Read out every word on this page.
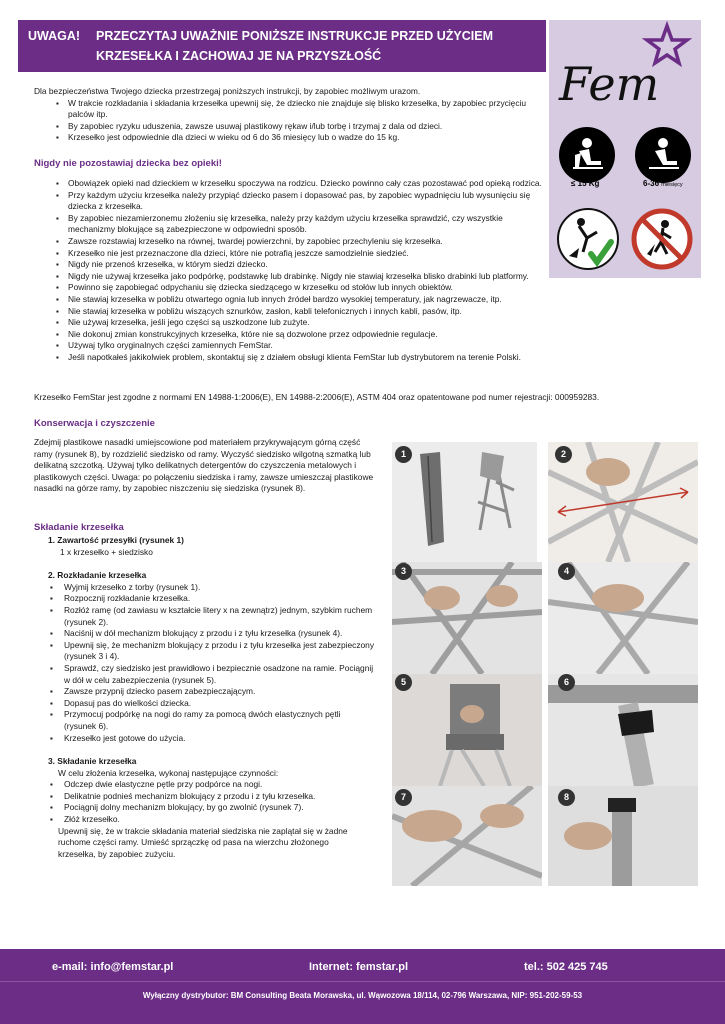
UWAGA! PRZECZYTAJ UWAŻNIE PONIŻSZE INSTRUKCJE PRZED UŻYCIEM
KRZESEŁKA I ZACHOWAJ JE NA PRZYSZŁOŚĆ
Fem
≤ 15 Kg	6-36 miesięcy
Dla bezpieczeństwa Twojego dziecka przestrzegaj poniższych instrukcji, by zapobiec możliwym urazom.
▪ W trakcie rozkładania i składania krzesełka upewnij się, że dziecko nie znajduje się blisko krzesełka, by zapobiec przycięciu palców itp.
▪ By zapobiec ryzyku uduszenia, zawsze usuwaj plastikowy rękaw i/lub torbę i trzymaj z dala od dzieci.
▪ Krzesełko jest odpowiednie dla dzieci w wieku od 6 do 36 miesięcy lub o wadze do 15 kg.
Nigdy nie pozostawiaj dziecka bez opieki!
▪ Obowiązek opieki nad dzieckiem w krzesełku spoczywa na rodzicu. Dziecko powinno cały czas pozostawać pod opieką rodzica.
▪ Przy każdym użyciu krzesełka należy przypiąć dziecko pasem i dopasować pas, by zapobiec wypadnięciu lub wysunięciu się dziecka z krzesełka.
▪ By zapobiec niezamierzonemu złożeniu się krzesełka, należy przy każdym użyciu krzesełka sprawdzić, czy wszystkie mechanizmy blokujące są zabezpieczone w odpowiedni sposób.
▪ Zawsze rozstawiaj krzesełko na równej, twardej powierzchni, by zapobiec przechyleniu się krzesełka.
▪ Krzesełko nie jest przeznaczone dla dzieci, które nie potrafią jeszcze samodzielnie siedzieć.
▪ Nigdy nie przenoś krzesełka, w którym siedzi dziecko.
▪ Nigdy nie używaj krzesełka jako podpórkę, podstawkę lub drabinkę. Nigdy nie stawiaj krzesełka blisko drabinki lub platformy.
▪ Powinno się zapobiegać odpychaniu się dziecka siedzącego w krzesełku od stołów lub innych obiektów.
▪ Nie stawiaj krzesełka w pobliżu otwartego ognia lub innych źródeł bardzo wysokiej temperatury, jak nagrzewacze, itp.
▪ Nie stawiaj krzesełka w pobliżu wiszących sznurków, zasłon, kabli telefonicznych i innych kabli, pasów, itp.
▪ Nie używaj krzesełka, jeśli jego części są uszkodzone lub zużyte.
▪ Nie dokonuj zmian konstrukcyjnych krzesełka, które nie są dozwolone przez odpowiednie regulacje.
▪ Używaj tylko oryginalnych części zamiennych FemStar.
▪ Jeśli napotkałeś jakikolwiek problem, skontaktuj się z działem obsługi klienta FemStar lub dystrybutorem na terenie Polski.
Krzesełko FemStar jest zgodne z normami EN 14988-1:2006(E), EN 14988-2:2006(E), ASTM 404 oraz opatentowane pod numer rejestracji: 000959283.
Konserwacja i czyszczenie
Zdejmij plastikowe nasadki umiejscowione pod materiałem przykrywającym górną część ramy (rysunek 8), by rozdzielić siedzisko od ramy. Wyczyść siedzisko wilgotną szmatką lub delikatną szczotką. Używaj tylko delikatnych detergentów do czyszczenia metalowych i plastikowych części. Uwaga: po połączeniu siedziska i ramy, zawsze umieszczaj plastikowe nasadki na górze ramy, by zapobiec niszczeniu się siedziska (rysunek 8).
Składanie krzesełka
1. Zawartość przesyłki (rysunek 1)
1 x krzesełko + siedzisko
2. Rozkładanie krzesełka
▪ Wyjmij krzesełko z torby (rysunek 1).
▪ Rozpocznij rozkładanie krzesełka.
▪ Rozłóż ramę (od zawiasu w kształcie litery x na zewnątrz) jednym, szybkim ruchem (rysunek 2).
▪ Naciśnij w dół mechanizm blokujący z przodu i z tyłu krzesełka (rysunek 4).
▪ Upewnij się, że mechanizm blokujący z przodu i z tyłu krzesełka jest zabezpieczony (rysunek 3 i 4).
▪ Sprawdź, czy siedzisko jest prawidłowo i bezpiecznie osadzone na ramie. Pociągnij w dół w celu zabezpieczenia (rysunek 5).
▪ Zawsze przypnij dziecko pasem zabezpieczającym.
▪ Dopasuj pas do wielkości dziecka.
▪ Przymocuj podpórkę na nogi do ramy za pomocą dwóch elastycznych pętli (rysunek 6).
▪ Krzesełko jest gotowe do użycia.
3. Składanie krzesełka
W celu złożenia krzesełka, wykonaj następujące czynności:
▪ Odczep dwie elastyczne pętle przy podpórce na nogi.
▪ Delikatnie podnieś mechanizm blokujący z przodu i z tyłu krzesełka.
▪ Pociągnij dolny mechanizm blokujący, by go zwolnić (rysunek 7).
▪ Złóż krzesełko.
Upewnij się, że w trakcie składania materiał siedziska nie zaplątał się w żadne ruchome części ramy. Umieść sprzączkę od pasa na wierzchu złożonego krzesełka, by zapobiec zużyciu.
1	2
3	4
5	6
7	8
e-mail: info@femstar.pl	Internet: femstar.pl	tel.: 502 425 745
Wyłączny dystrybutor: BM Consulting Beata Morawska, ul. Wąwozowa 18/114, 02-796 Warszawa, NIP: 951-202-59-53
